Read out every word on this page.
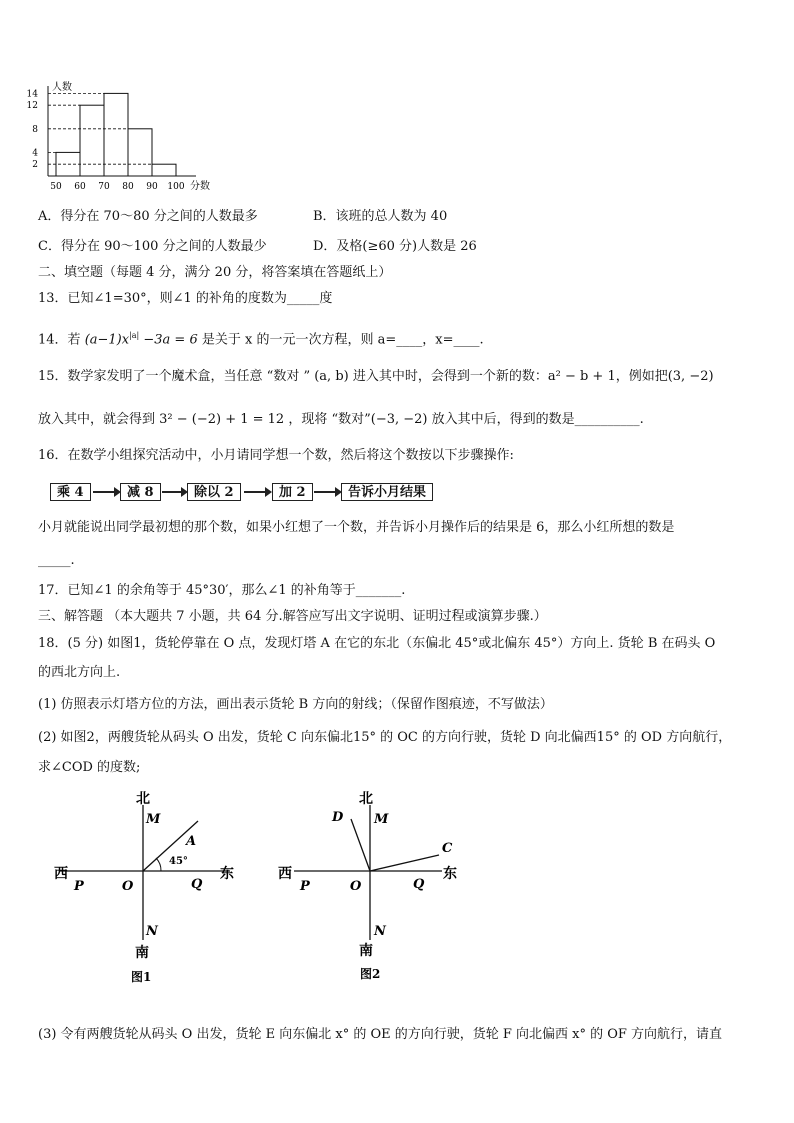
14
12
8
4
2
50 60 70 80 90 100
人数
分数
A．得分在 70～80 分之间的人数最多	B．该班的总人数为 40
C．得分在 90～100 分之间的人数最少	D．及格(≥60 分)人数是 26
二、填空题（每题 4 分，满分 20 分，将答案填在答题纸上）
13．已知∠1=30°，则∠1 的补角的度数为_____度
14．若 $(a-1)x^{|a|} -3a = 6$ 是关于 x 的一元一次方程，则 a=____，x=____.
15．数学家发明了一个魔术盒，当任意 “数对 ” (a, b) 进入其中时，会得到一个新的数：a² − b + 1，例如把(3, −2)
放入其中，就会得到 3² − (−2) + 1 = 12 ，现将 “数对”(−3, −2) 放入其中后，得到的数是__________.
16．在数学小组探究活动中，小月请同学想一个数，然后将这个数按以下步骤操作:
乘 4	减 8	除以 2	加 2	告诉小月结果
小月就能说出同学最初想的那个数，如果小红想了一个数，并告诉小月操作后的结果是 6，那么小红所想的数是
_____.
17．已知∠1 的余角等于 45°30′，那么∠1 的补角等于_______.
三、解答题 （本大题共 7 小题，共 64 分.解答应写出文字说明、证明过程或演算步骤.）
18．(5 分) 如图1，货轮停靠在 O 点，发现灯塔 A 在它的东北（东偏北 45°或北偏东 45°）方向上. 货轮 B 在码头 O
的西北方向上.
(1) 仿照表示灯塔方位的方法，画出表示货轮 B 方向的射线；（保留作图痕迹，不写做法）
(2) 如图2，两艘货轮从码头 O 出发，货轮 C 向东偏北15° 的 OC 的方向行驶，货轮 D 向北偏西15° 的 OD 方向航行，
求∠COD 的度数;
北
M
A
45°
西
P	O	Q
东
N
南
图1
北
D M
C
西
P	O	Q
东
N
南
图2
(3) 令有两艘货轮从码头 O 出发，货轮 E 向东偏北 x° 的 OE 的方向行驶，货轮 F 向北偏西 x° 的 OF 方向航行，请直
